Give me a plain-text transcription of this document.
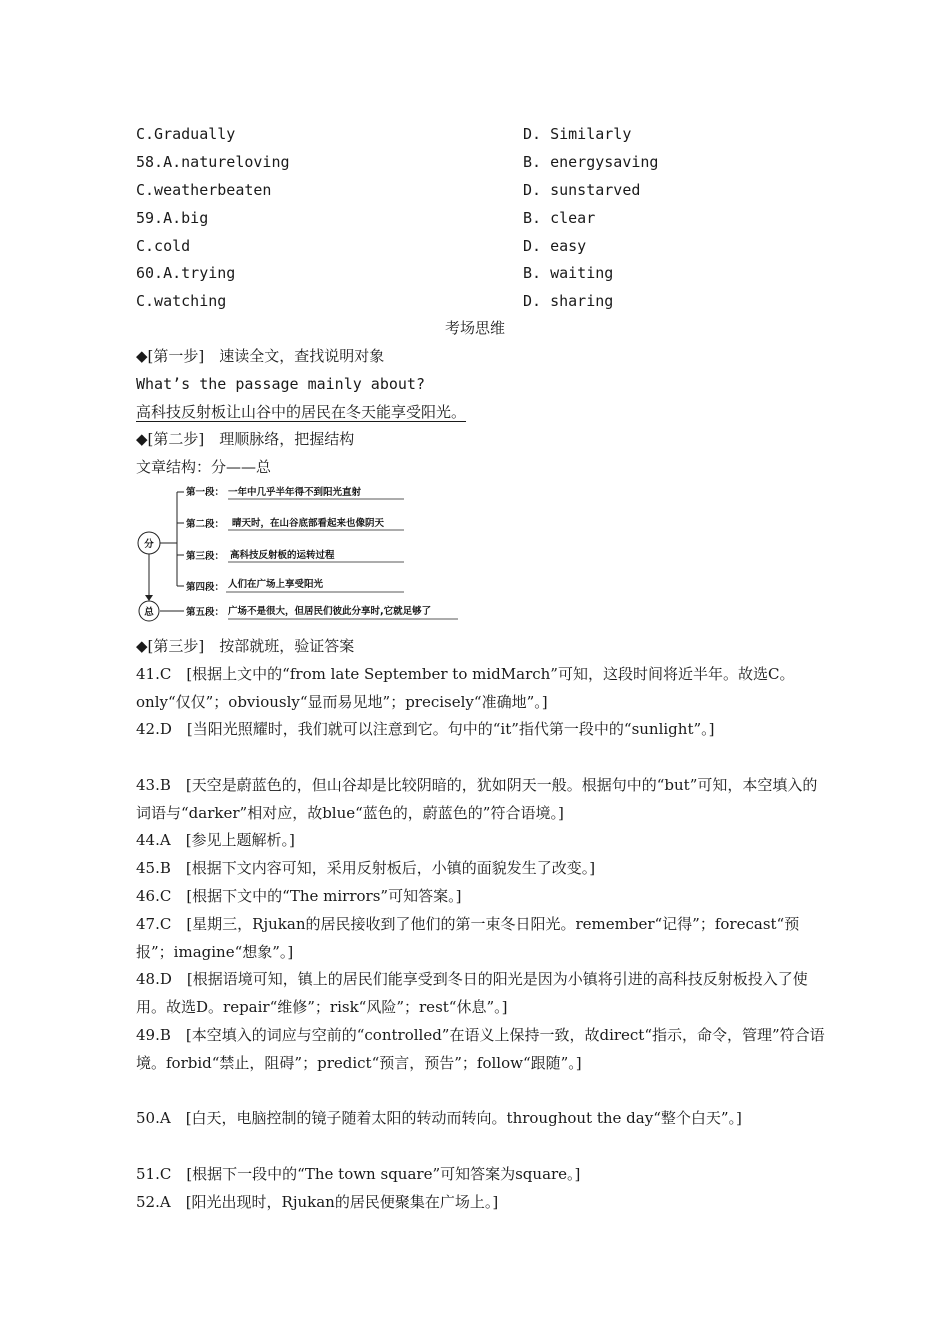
C.Gradually	D. Similarly
58.A.natureloving	B. energysaving
C.weatherbeaten	D. sunstarved
59.A.big	B. clear
C.cold	D. easy
60.A.trying	B. waiting
C.watching	D. sharing
考场思维
◆[第一步]　速读全文，查找说明对象
What’s the passage mainly about?
高科技反射板让山谷中的居民在冬天能享受阳光。
◆[第二步]　理顺脉络，把握结构
文章结构：分——总
分
总
第一段： 一年中几乎半年得不到阳光直射
第二段： 晴天时，在山谷底部看起来也像阴天
第三段： 高科技反射板的运转过程
第四段： 人们在广场上享受阳光
第五段： 广场不是很大，但居民们彼此分享时,它就足够了
◆[第三步]　按部就班，验证答案
41.C　[根据上文中的“from late September to midMarch”可知，这段时间将近半年。故选C。only“仅仅”；obviously“显而易见地”；precisely“准确地”。]
42.D　[当阳光照耀时，我们就可以注意到它。句中的“it”指代第一段中的“sunlight”。]
43.B　[天空是蔚蓝色的，但山谷却是比较阴暗的，犹如阴天一般。根据句中的“but”可知，本空填入的词语与“darker”相对应，故blue“蓝色的，蔚蓝色的”符合语境。]
44.A　[参见上题解析。]
45.B　[根据下文内容可知，采用反射板后，小镇的面貌发生了改变。]
46.C　[根据下文中的“The mirrors”可知答案。]
47.C　[星期三，Rjukan的居民接收到了他们的第一束冬日阳光。remember“记得”；forecast“预报”；imagine“想象”。]
48.D　[根据语境可知，镇上的居民们能享受到冬日的阳光是因为小镇将引进的高科技反射板投入了使用。故选D。repair“维修”；risk“风险”；rest“休息”。]
49.B　[本空填入的词应与空前的“controlled”在语义上保持一致，故direct“指示，命令，管理”符合语境。forbid“禁止，阻碍”；predict“预言，预告”；follow“跟随”。]
50.A　[白天，电脑控制的镜子随着太阳的转动而转向。throughout the day“整个白天”。]
51.C　[根据下一段中的“The town square”可知答案为square。]
52.A　[阳光出现时，Rjukan的居民便聚集在广场上。]
